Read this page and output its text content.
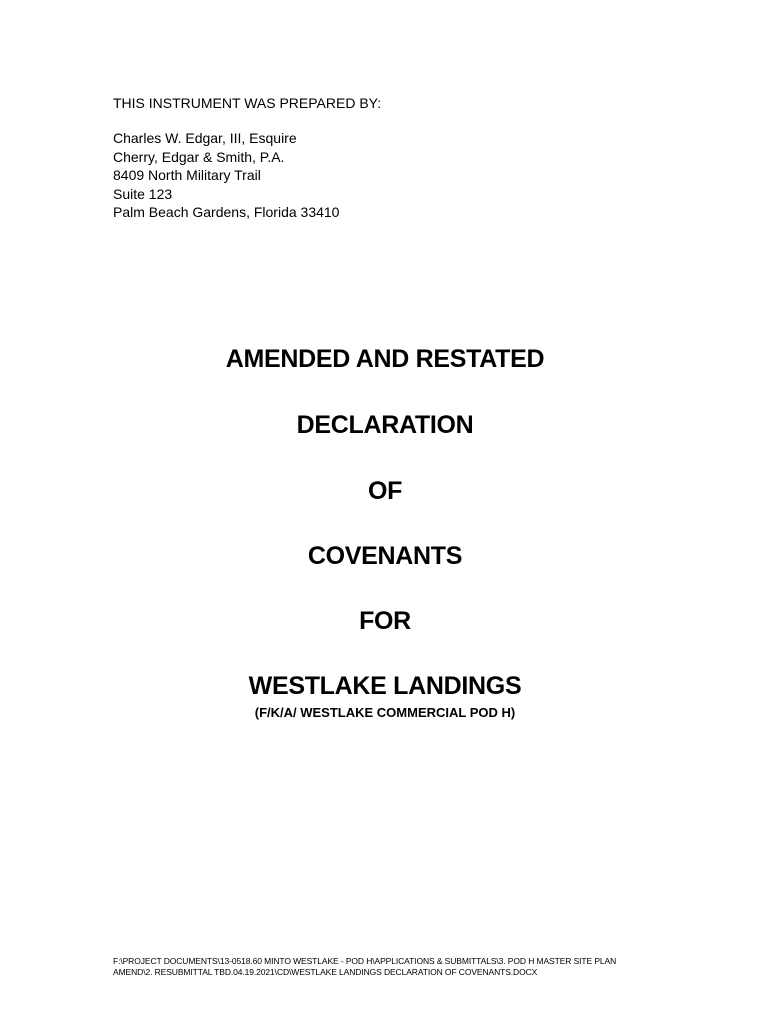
THIS INSTRUMENT WAS PREPARED BY:
Charles W. Edgar, III, Esquire
Cherry, Edgar & Smith, P.A.
8409 North Military Trail
Suite 123
Palm Beach Gardens, Florida 33410
AMENDED AND RESTATED
DECLARATION
OF
COVENANTS
FOR
WESTLAKE LANDINGS
(F/K/A/ WESTLAKE COMMERCIAL POD H)
F:\PROJECT DOCUMENTS\13-0518.60 MINTO WESTLAKE - POD H\APPLICATIONS & SUBMITTALS\3. POD H MASTER SITE PLAN
AMEND\2. RESUBMITTAL TBD.04.19.2021\CD\WESTLAKE LANDINGS DECLARATION OF COVENANTS.DOCX
